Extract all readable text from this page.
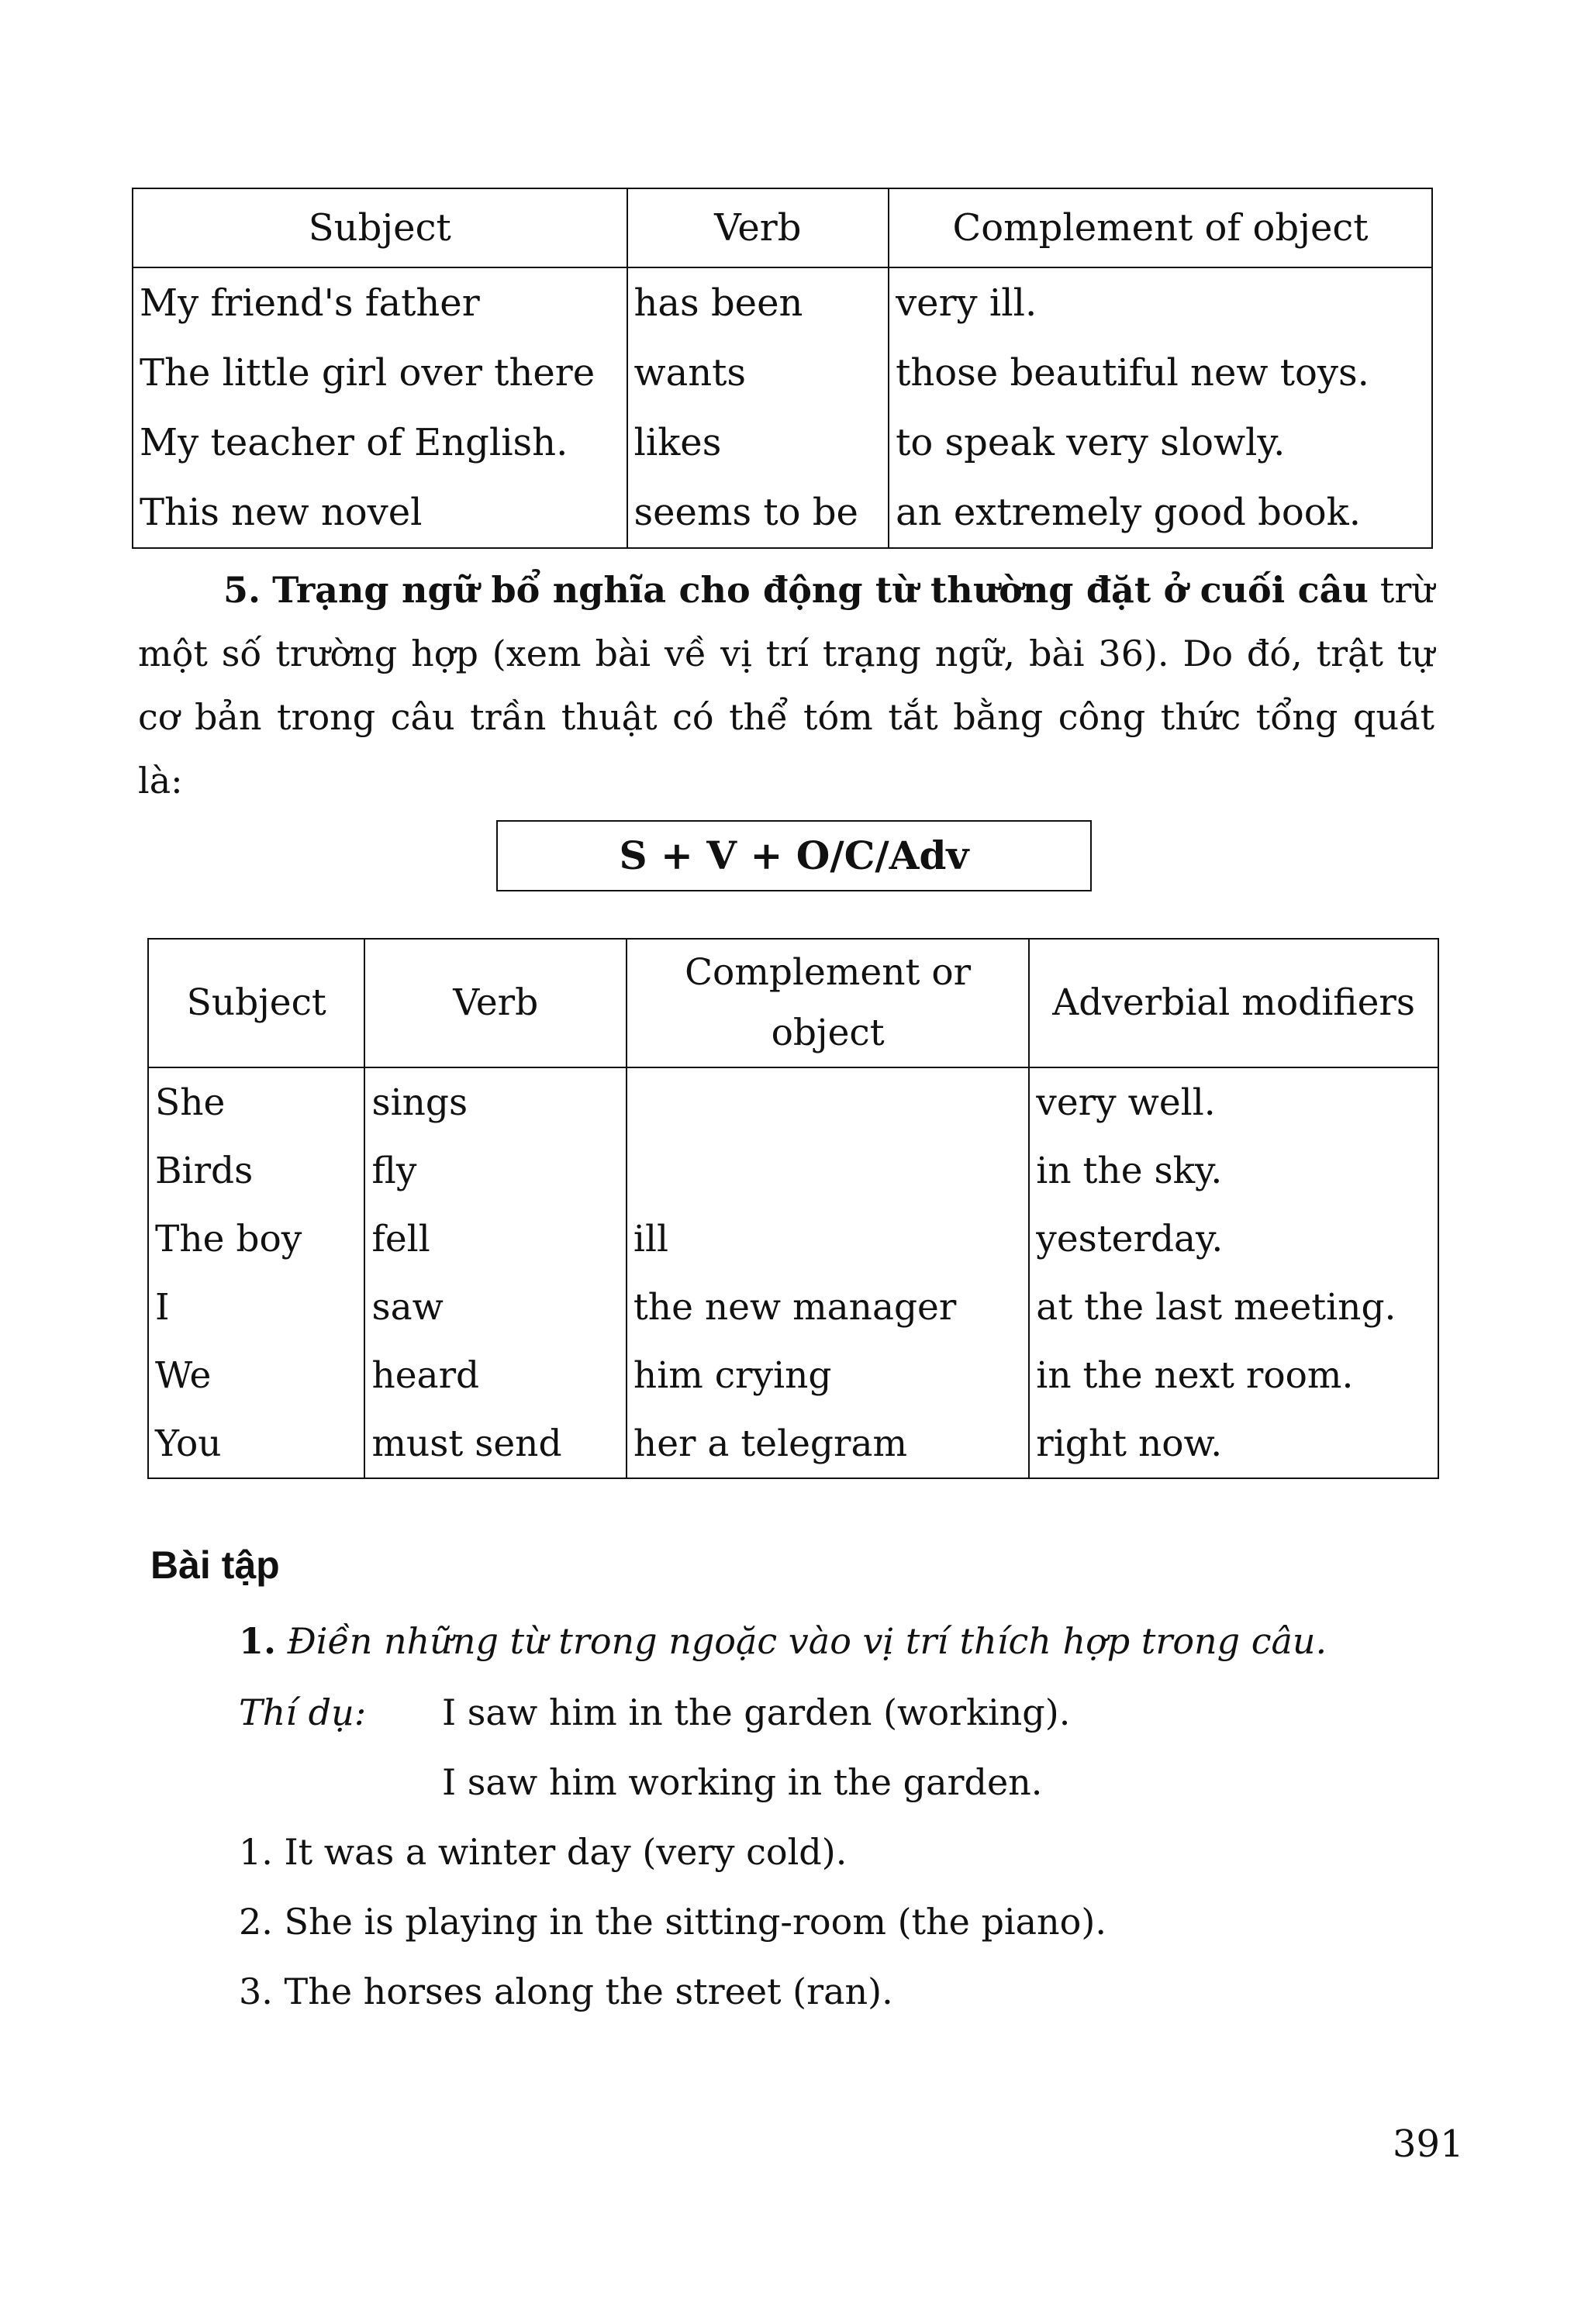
Subject	Verb	Complement of object
My friend's father	has been	very ill.
The little girl over there	wants	those beautiful new toys.
My teacher of English.	likes	to speak very slowly.
This new novel	seems to be	an extremely good book.
5. Trạng ngữ bổ nghĩa cho động từ thường đặt ở cuối câu trừ một số trường hợp (xem bài về vị trí trạng ngữ, bài 36). Do đó, trật tự cơ bản trong câu trần thuật có thể tóm tắt bằng công thức tổng quát là:
S + V + O/C/Adv
Subject	Verb	Complement or object	Adverbial modifiers
She	sings		very well.
Birds	fly		in the sky.
The boy	fell	ill	yesterday.
I	saw	the new manager	at the last meeting.
We	heard	him crying	in the next room.
You	must send	her a telegram	right now.
Bài tập
1. Điền những từ trong ngoặc vào vị trí thích hợp trong câu.
Thí dụ: I saw him in the garden (working).
I saw him working in the garden.
1. It was a winter day (very cold).
2. She is playing in the sitting-room (the piano).
3. The horses along the street (ran).
391
